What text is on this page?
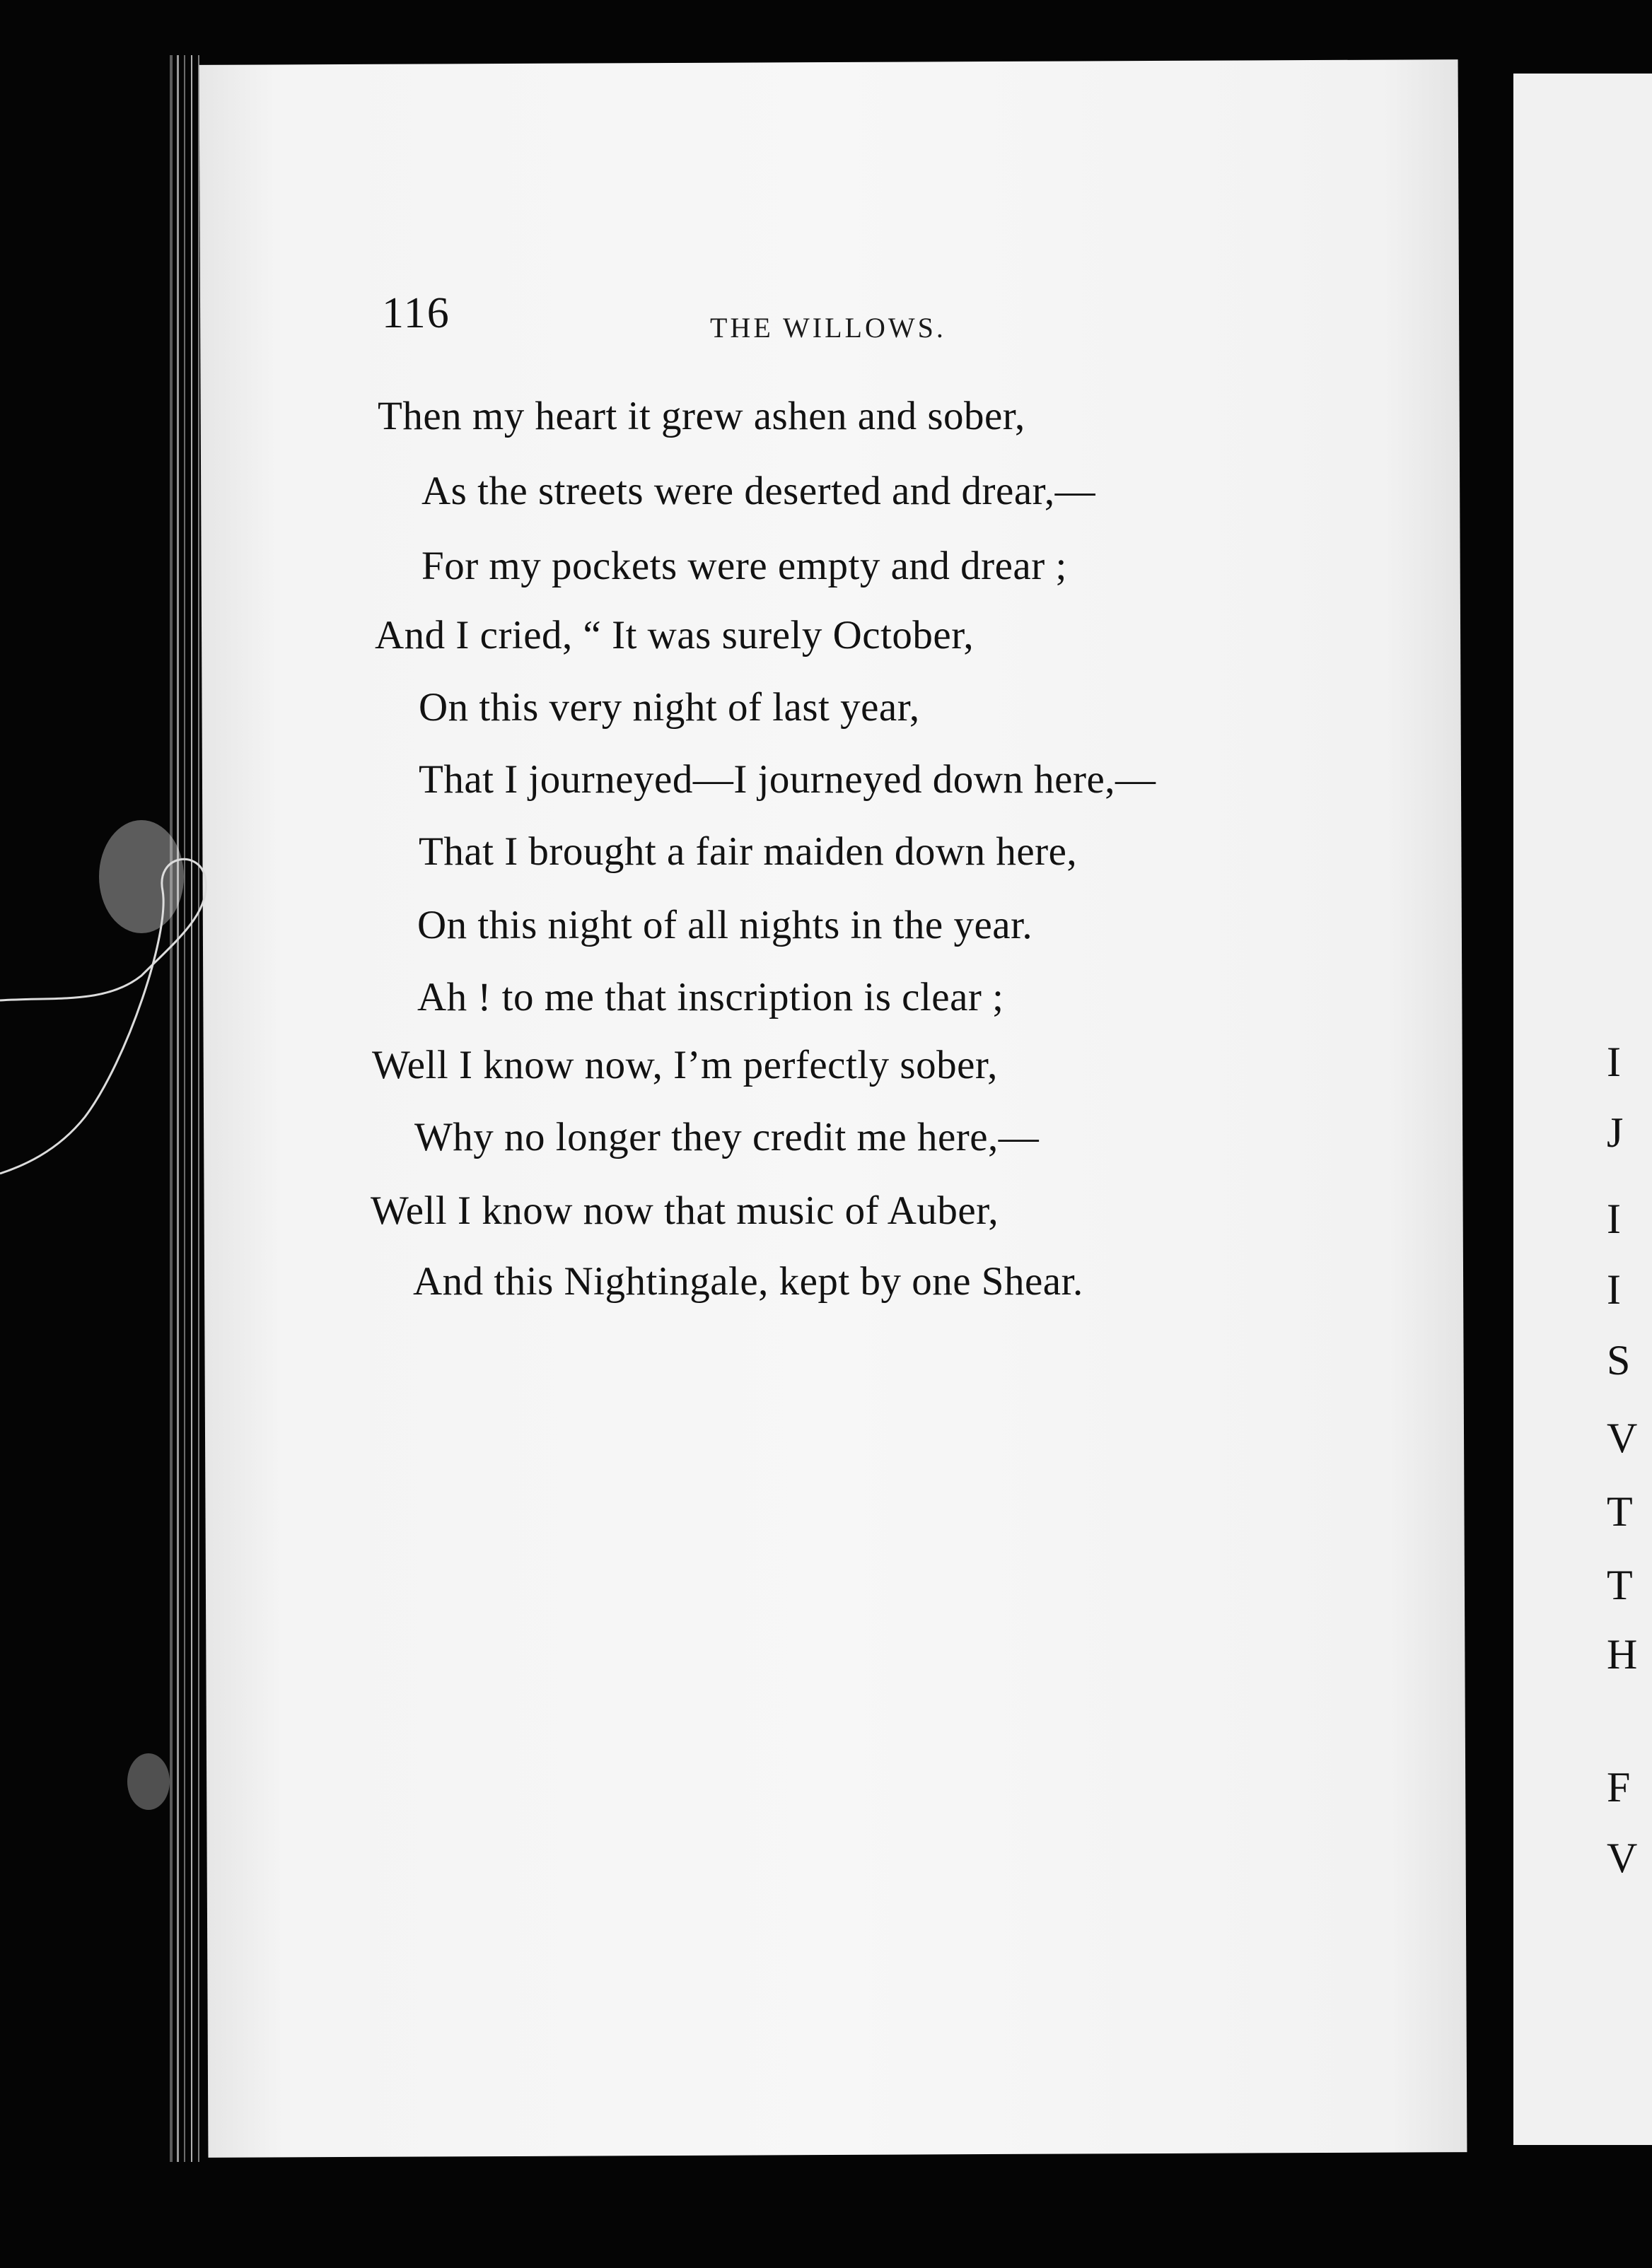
116	THE WILLOWS.
Then my heart it grew ashen and sober,
As the streets were deserted and drear,—
For my pockets were empty and drear ;
And I cried, “ It was surely October,
On this very night of last year,
That I journeyed—I journeyed down here,—
That I brought a fair maiden down here,
On this night of all nights in the year.
Ah ! to me that inscription is clear ;
Well I know now, I’m perfectly sober,
Why no longer they credit me here,—
Well I know now that music of Auber,
And this Nightingale, kept by one Shear.
I
J
I
I
S
V
T
T
H
F
V
